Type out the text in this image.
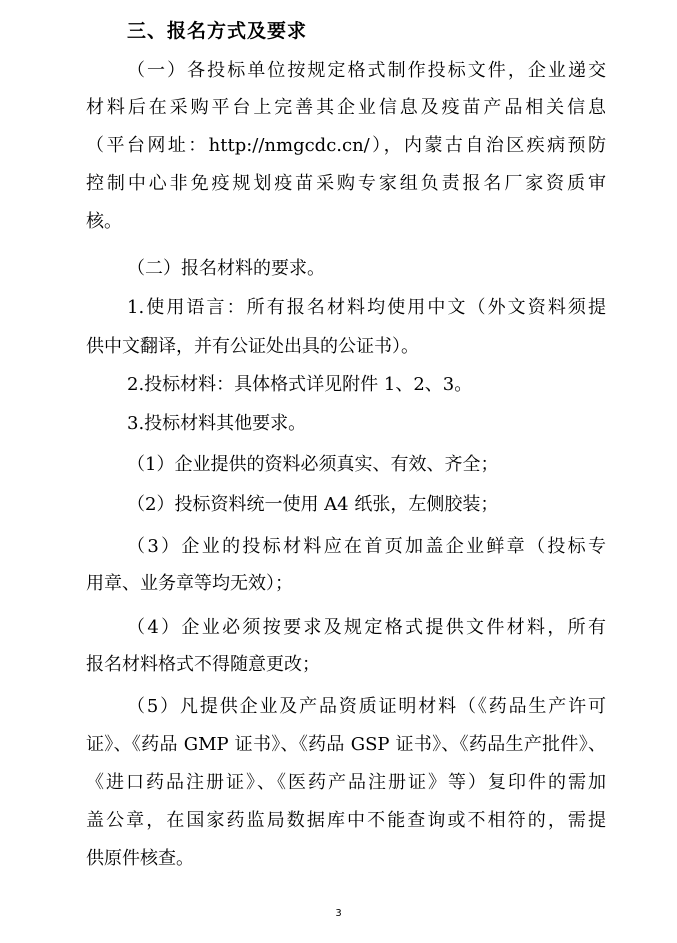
三、报名方式及要求
（一）各投标单位按规定格式制作投标文件，企业递交
材料后在采购平台上完善其企业信息及疫苗产品相关信息
（平台网址：http://nmgcdc.cn/），内蒙古自治区疾病预防
控制中心非免疫规划疫苗采购专家组负责报名厂家资质审
核。
（二）报名材料的要求。
1.使用语言：所有报名材料均使用中文（外文资料须提
供中文翻译，并有公证处出具的公证书）。
2.投标材料：具体格式详见附件 1、2、3。
3.投标材料其他要求。
（1）企业提供的资料必须真实、有效、齐全；
（2）投标资料统一使用 A4 纸张，左侧胶装；
（3）企业的投标材料应在首页加盖企业鲜章（投标专
用章、业务章等均无效）；
（4）企业必须按要求及规定格式提供文件材料，所有
报名材料格式不得随意更改；
（5）凡提供企业及产品资质证明材料（《药品生产许可
证》、《药品 GMP 证书》、《药品 GSP 证书》、《药品生产批件》、
《进口药品注册证》、《医药产品注册证》等）复印件的需加
盖公章，在国家药监局数据库中不能查询或不相符的，需提
供原件核查。
3
